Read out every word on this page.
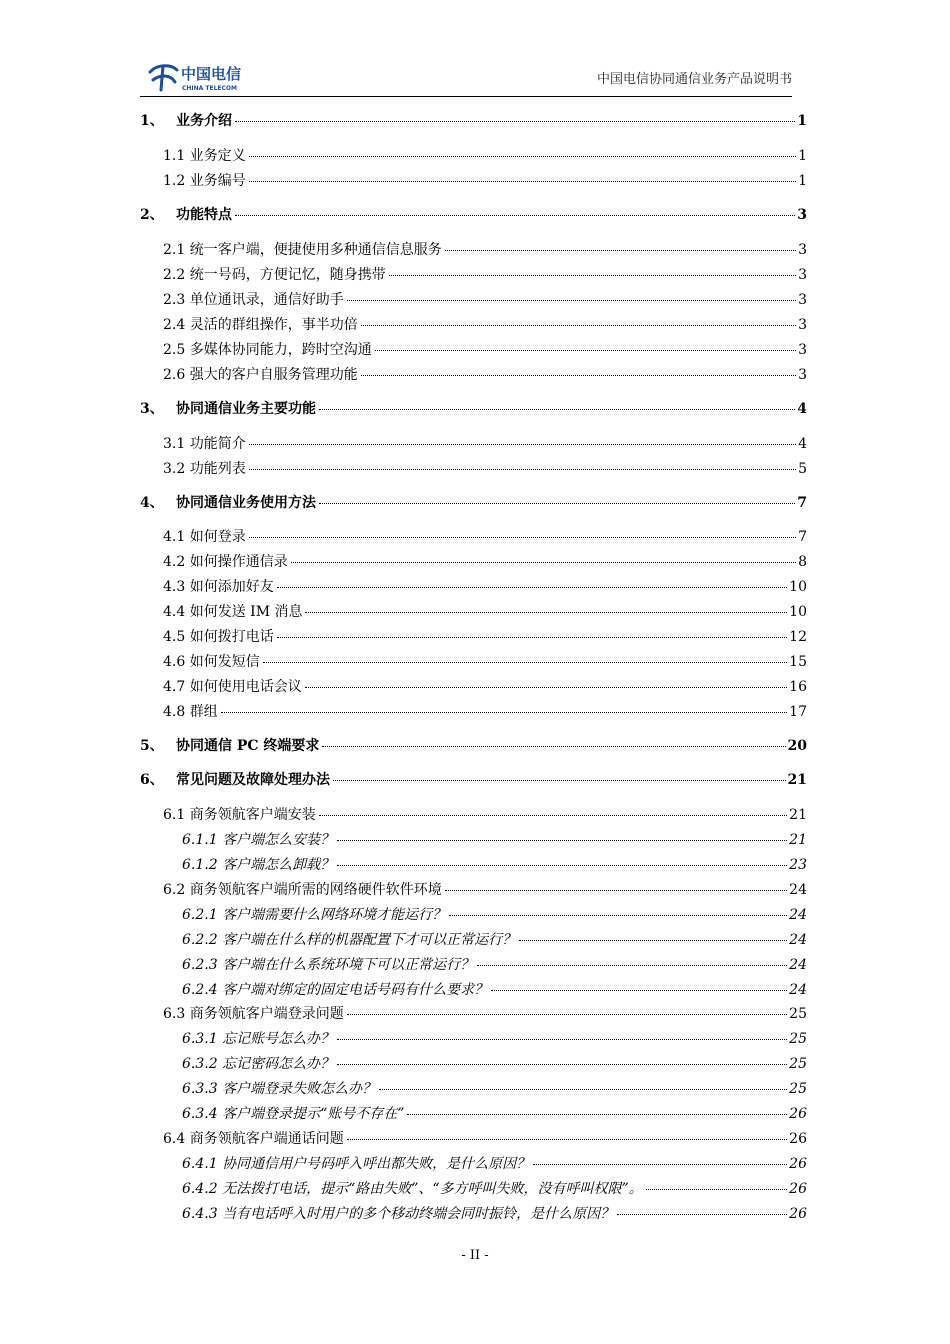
中国电信
CHINA TELECOM
中国电信协同通信业务产品说明书
1、 业务介绍	1
1.1 业务定义	1
1.2 业务编号	1
2、 功能特点	3
2.1 统一客户端，便捷使用多种通信信息服务	3
2.2 统一号码，方便记忆，随身携带	3
2.3 单位通讯录，通信好助手	3
2.4 灵活的群组操作，事半功倍	3
2.5 多媒体协同能力，跨时空沟通	3
2.6 强大的客户自服务管理功能	3
3、 协同通信业务主要功能	4
3.1 功能简介	4
3.2 功能列表	5
4、 协同通信业务使用方法	7
4.1 如何登录	7
4.2 如何操作通信录	8
4.3 如何添加好友	10
4.4 如何发送 IM 消息	10
4.5 如何拨打电话	12
4.6 如何发短信	15
4.7 如何使用电话会议	16
4.8 群组	17
5、 协同通信 PC 终端要求	20
6、 常见问题及故障处理办法	21
6.1 商务领航客户端安装	21
6.1.1 客户端怎么安装？	21
6.1.2 客户端怎么卸载？	23
6.2 商务领航客户端所需的网络硬件软件环境	24
6.2.1 客户端需要什么网络环境才能运行？	24
6.2.2 客户端在什么样的机器配置下才可以正常运行？	24
6.2.3 客户端在什么系统环境下可以正常运行？	24
6.2.4 客户端对绑定的固定电话号码有什么要求？	24
6.3 商务领航客户端登录问题	25
6.3.1 忘记账号怎么办？	25
6.3.2 忘记密码怎么办？	25
6.3.3 客户端登录失败怎么办？	25
6.3.4 客户端登录提示“账号不存在”	26
6.4 商务领航客户端通话问题	26
6.4.1 协同通信用户号码呼入呼出都失败，是什么原因？	26
6.4.2 无法拨打电话，提示“路由失败”、“多方呼叫失败，没有呼叫权限”。	26
6.4.3 当有电话呼入时用户的多个移动终端会同时振铃，是什么原因？	26
- II -
